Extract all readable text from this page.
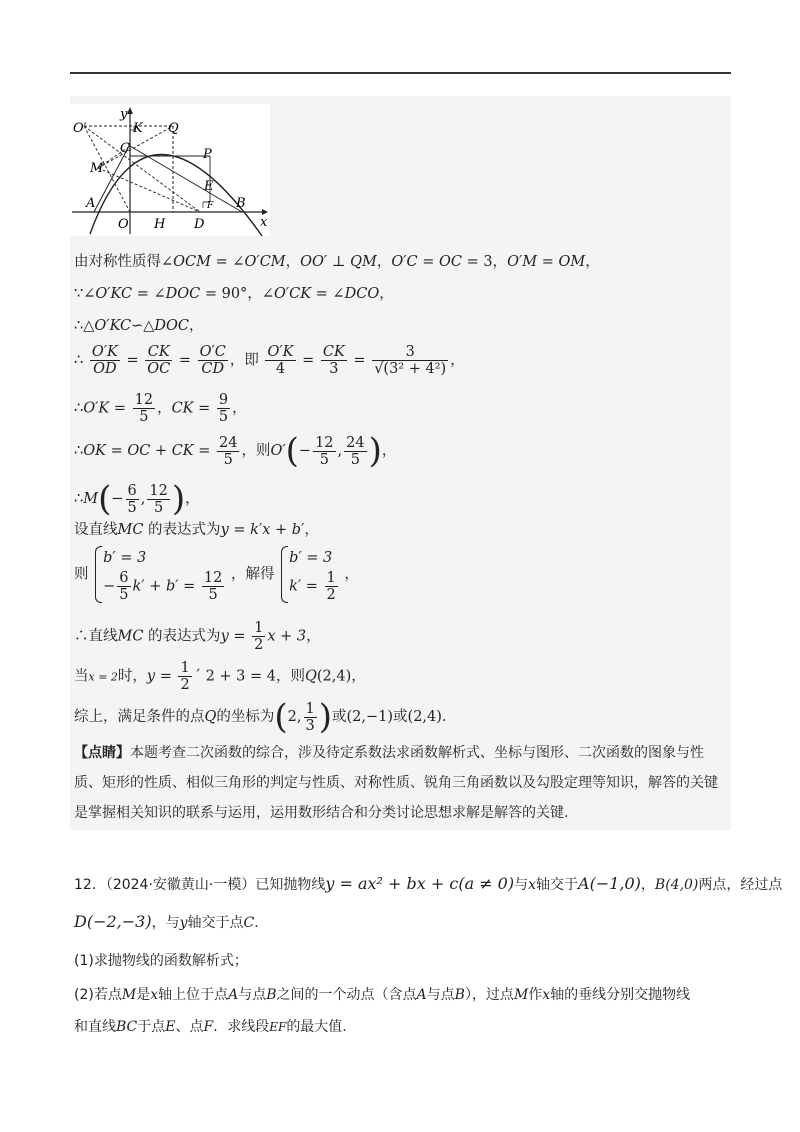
y
x
O′	K Q
C	P
M
E
F
A	B
O H D
由对称性质得∠OCM = ∠O′CM，OO′ ⊥ QM，O′C = OC = 3，O′M = OM，
∵∠O′KC = ∠DOC = 90°，∠O′CK = ∠DCO，
∴△O′KC∽△DOC，
∴ $\frac{O'K}{OD} = \frac{CK}{OC} = \frac{O'C}{CD}$ ，即 $\frac{O'K}{4} = \frac{CK}{3} = \frac{3}{\text{√(3² + 4²)}}$ ，
∴O′K = $\frac{12}{5}$ ，CK = $\frac{9}{5}$ ，
∴OK = OC + CK = $\frac{24}{5}$ ，则$O'(- \frac{12}{5}$ , $\frac{24}{5}$ )，
∴M(− $\frac{6}{5}$ , $\frac{12}{5}$ )，
设直线MC 的表达式为y = k′x + b′，
则
b′ = 3
− $\frac{6}{5} k' + b' = \frac{12}{5}$ ，解得
b′ = 3
$k' = \frac{1}{2}$ ，
∴直线MC 的表达式为$y = \frac{1}{2}$ x + 3，
当x = 2时，$y = \frac{1}{2}$ ´ 2 + 3 = 4，则Q(2,4)，
综上，满足条件的点Q的坐标为(2, $\frac{1}{3}$ )或(2,−1)或(2,4).
【点睛】本题考查二次函数的综合，涉及待定系数法求函数解析式、坐标与图形、二次函数的图象与性质、矩形的性质、相似三角形的判定与性质、对称性质、锐角三角函数以及勾股定理等知识，解答的关键是掌握相关知识的联系与运用，运用数形结合和分类讨论思想求解是解答的关键.
12．（2024·安徽黄山·一模）已知抛物线y = ax² + bx + c(a ≠ 0)与x轴交于A(−1,0)，B(4,0)两点，经过点
D(−2,−3)，与y轴交于点C.
(1)求抛物线的函数解析式；
(2)若点M是x轴上位于点A与点B之间的一个动点（含点A与点B），过点M作x轴的垂线分别交抛物线
和直线BC于点E、点F．求线段EF的最大值.
